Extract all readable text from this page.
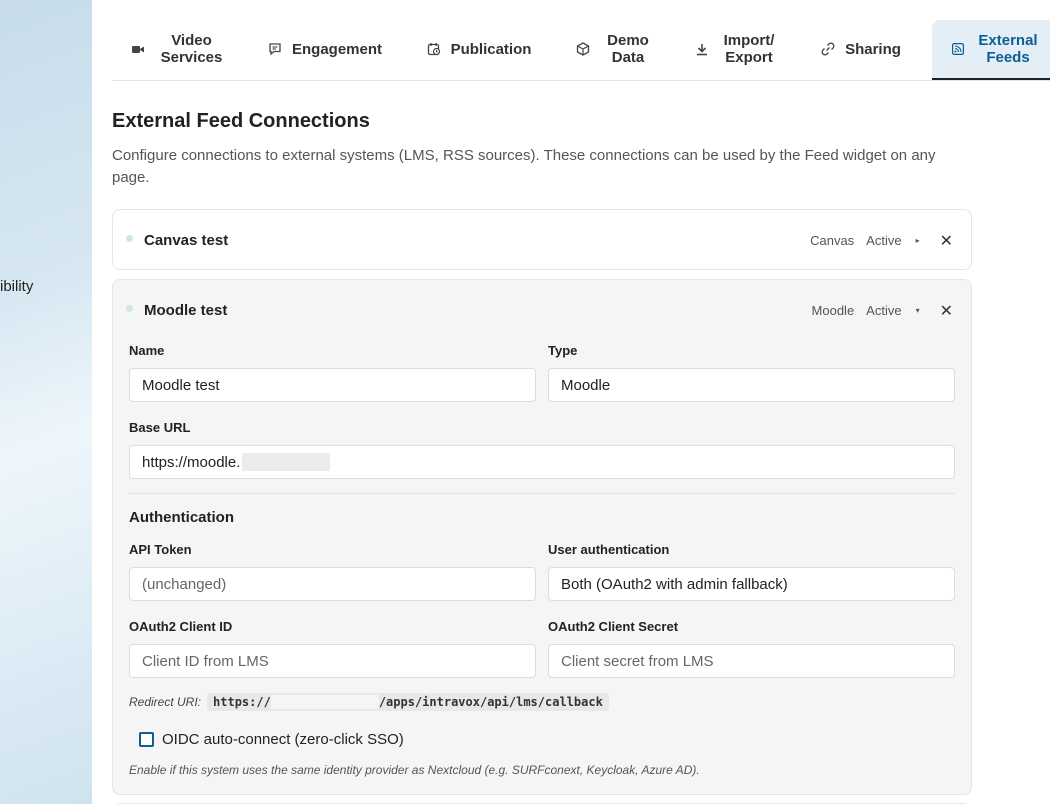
ibility
Video Services	Engagement	Publication	Demo Data
Import/ Export	Sharing	External Feeds
External Feed Connections

Configure connections to external systems (LMS, RSS sources). These connections can be used by the Feed widget on any page.

Canvas test	Canvas Active ▸ ✕
Moodle test	Moodle Active ▾ ✕
Name
Moodle test
Type
Moodle
Base URL
https://moodle.
Authentication
API Token
(unchanged)
User authentication
Both (OAuth2 with admin fallback)
OAuth2 Client ID
Client ID from LMS
OAuth2 Client Secret
Client secret from LMS
Redirect URI: https://	/apps/intravox/api/lms/callback
OIDC auto-connect (zero-click SSO)

Enable if this system uses the same identity provider as Nextcloud (e.g. SURFconext, Keycloak, Azure AD).
